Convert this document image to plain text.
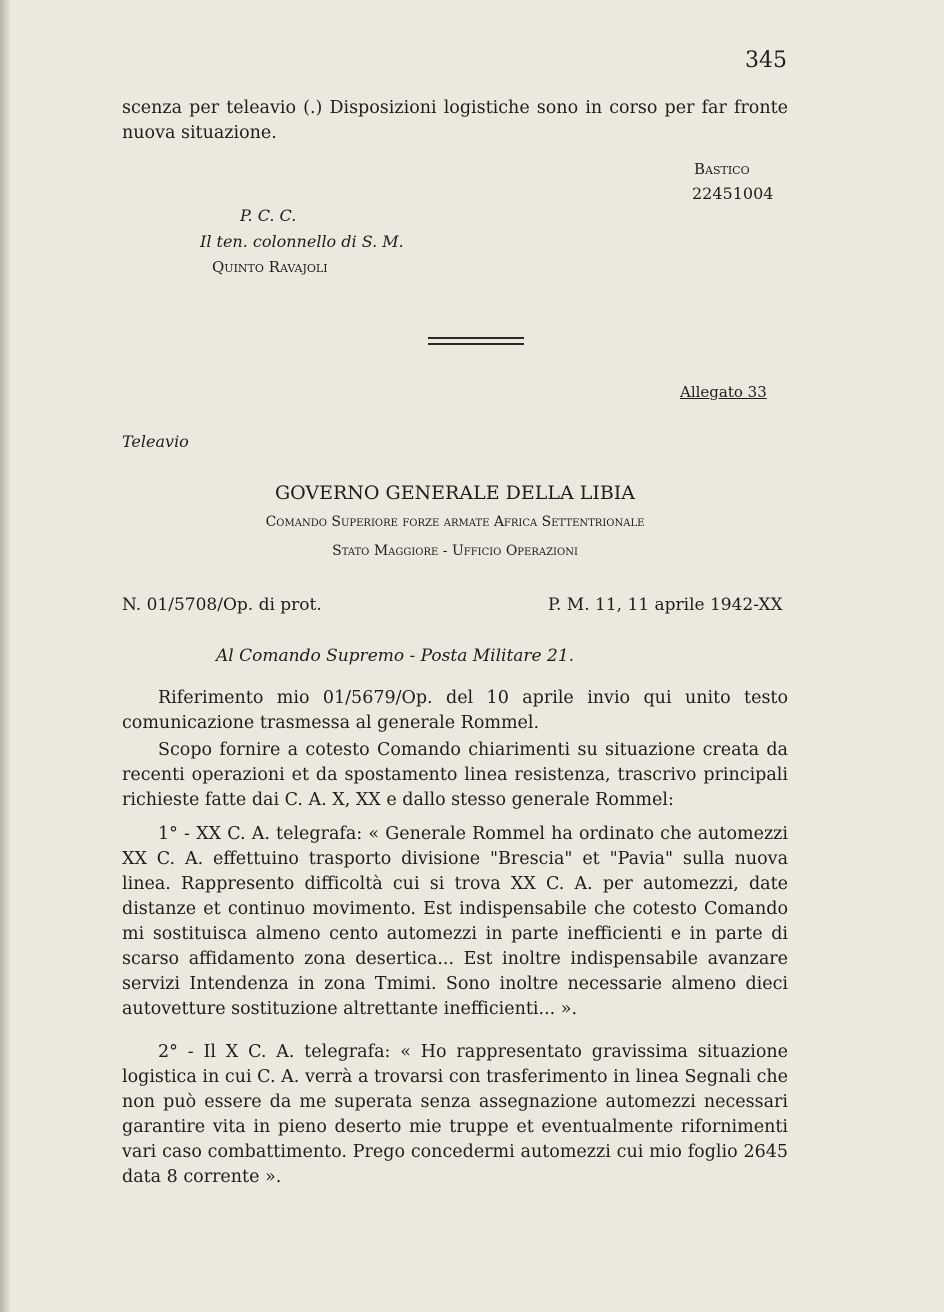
345

scenza per teleavio (.) Disposizioni logistiche sono in corso per far fronte nuova situazione.

Bastico
22451004
P. C. C.
Il ten. colonnello di S. M.
Quinto Ravajoli
Allegato 33
Teleavio
GOVERNO GENERALE DELLA LIBIA
Comando Superiore forze armate Africa Settentrionale
Stato Maggiore - Ufficio Operazioni
N. 01/5708/Op. di prot.	P. M. 11, 11 aprile 1942-XX
Al Comando Supremo - Posta Militare 21.

Riferimento mio 01/5679/Op. del 10 aprile invio qui unito testo comunicazione trasmessa al generale Rommel.

Scopo fornire a cotesto Comando chiarimenti su situazione creata da recenti operazioni et da spostamento linea resistenza, trascrivo principali richieste fatte dai C. A. X, XX e dallo stesso generale Rommel:

1° - XX C. A. telegrafa: « Generale Rommel ha ordinato che automezzi XX C. A. effettuino trasporto divisione "Brescia" et "Pavia" sulla nuova linea. Rappresento difficoltà cui si trova XX C. A. per automezzi, date distanze et continuo movimento. Est indispensabile che cotesto Comando mi sostituisca almeno cento automezzi in parte inefficienti e in parte di scarso affidamento zona desertica... Est inoltre indispensabile avanzare servizi Intendenza in zona Tmimi. Sono inoltre necessarie almeno dieci autovetture sostituzione altrettante inefficienti... ».

2° - Il X C. A. telegrafa: « Ho rappresentato gravissima situazione logistica in cui C. A. verrà a trovarsi con trasferimento in linea Segnali che non può essere da me superata senza assegnazione automezzi necessari garantire vita in pieno deserto mie truppe et eventualmente rifornimenti vari caso combattimento. Prego concedermi automezzi cui mio foglio 2645 data 8 corrente ».
